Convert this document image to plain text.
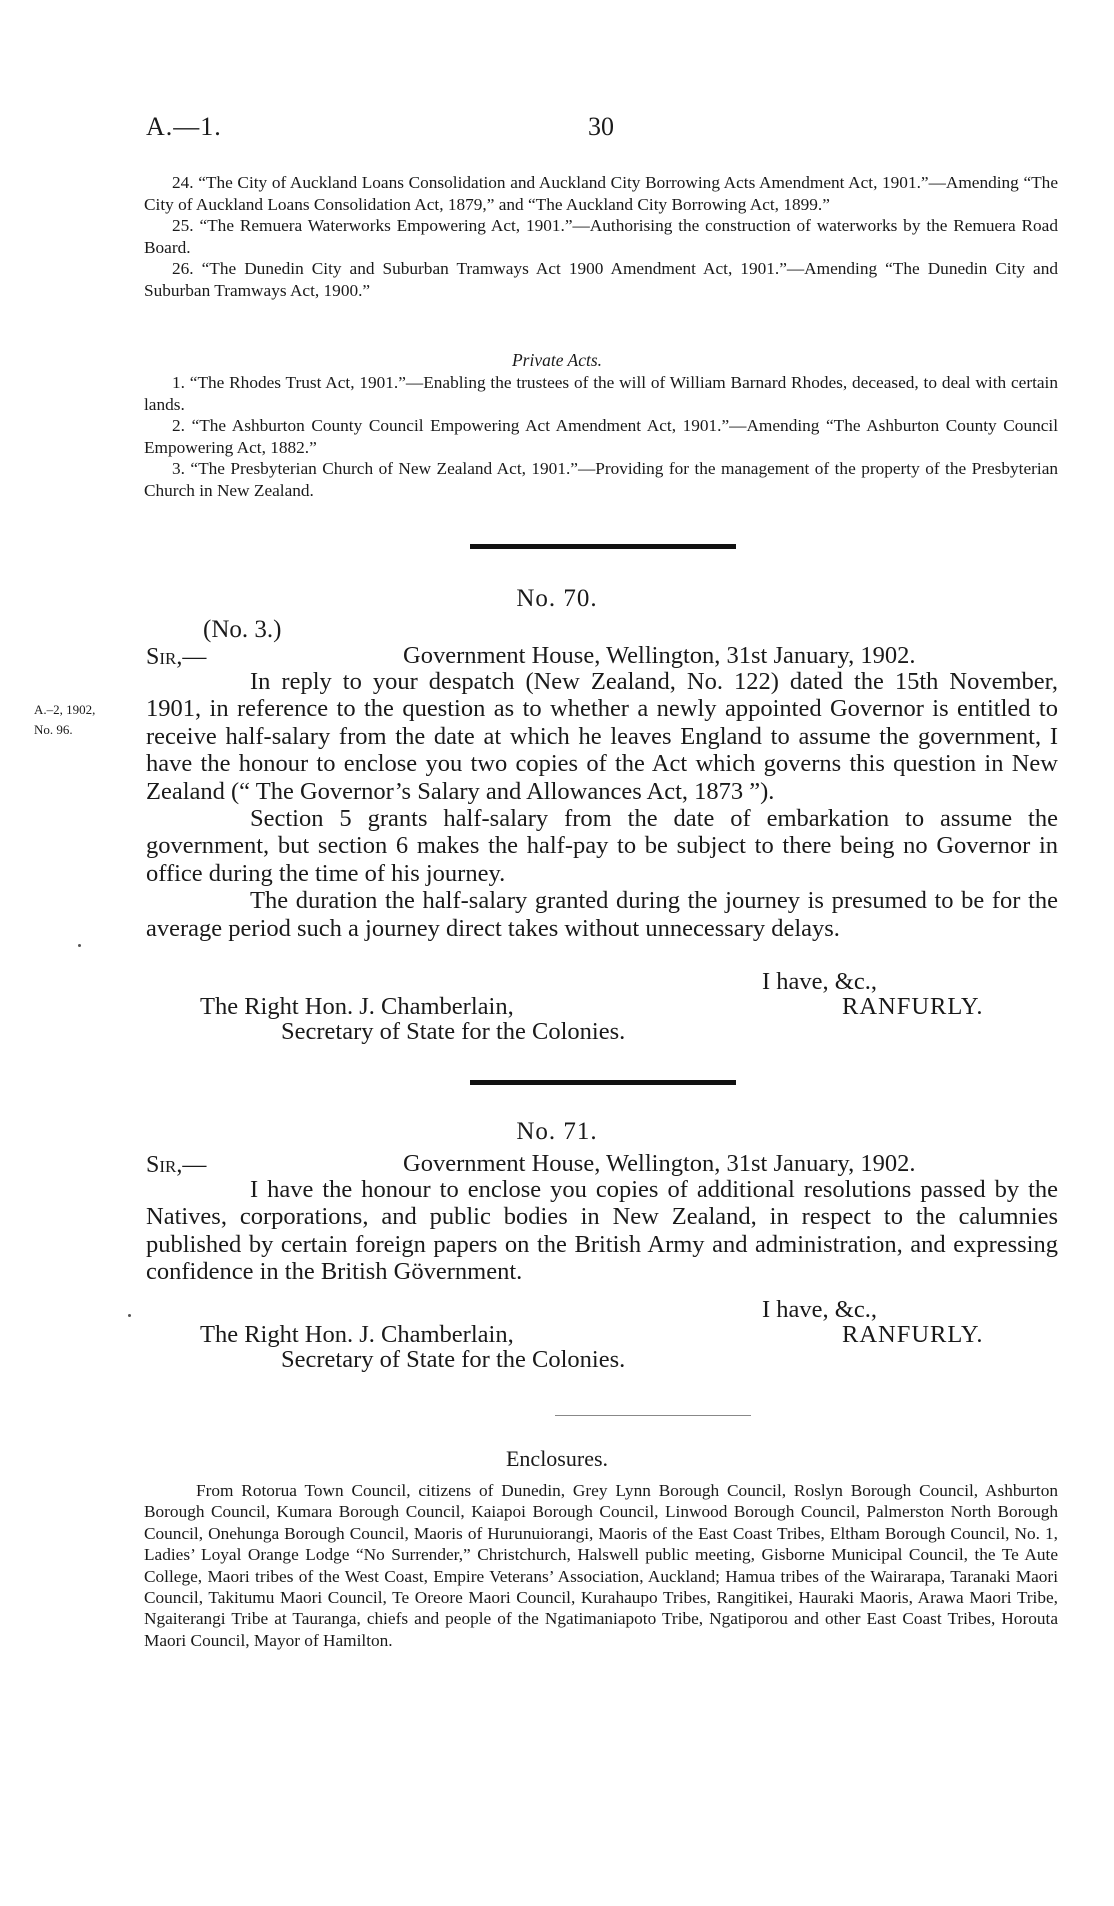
A.—1.	30

24. “The City of Auckland Loans Consolidation and Auckland City Borrowing Acts Amendment Act, 1901.”—Amending “The City of Auckland Loans Consolidation Act, 1879,” and “The Auckland City Borrowing Act, 1899.”

25. “The Remuera Waterworks Empowering Act, 1901.”—Authorising the construction of waterworks by the Remuera Road Board.

26. “The Dunedin City and Suburban Tramways Act 1900 Amendment Act, 1901.”—Amending “The Dunedin City and Suburban Tramways Act, 1900.”

Private Acts.

1. “The Rhodes Trust Act, 1901.”—Enabling the trustees of the will of William Barnard Rhodes, deceased, to deal with certain lands.

2. “The Ashburton County Council Empowering Act Amendment Act, 1901.”—Amending “The Ashburton County Council Empowering Act, 1882.”

3. “The Presbyterian Church of New Zealand Act, 1901.”—Providing for the management of the property of the Presbyterian Church in New Zealand.

No. 70.
(No. 3.)
Sir,—	Government House, Wellington, 31st January, 1902.
A.–2, 1902,
No. 96.

In reply to your despatch (New Zealand, No. 122) dated the 15th November, 1901, in reference to the question as to whether a newly appointed Governor is entitled to receive half-salary from the date at which he leaves England to assume the government, I have the honour to enclose you two copies of the Act which governs this question in New Zealand (“ The Governor’s Salary and Allowances Act, 1873 ”).

Section 5 grants half-salary from the date of embarkation to assume the government, but section 6 makes the half-pay to be subject to there being no Governor in office during the time of his journey.

The duration the half-salary granted during the journey is presumed to be for the average period such a journey direct takes without unnecessary delays.

I have, &c.,
The Right Hon. J. Chamberlain,	RANFURLY.
Secretary of State for the Colonies.
No. 71.
Sir,—	Government House, Wellington, 31st January, 1902.

I have the honour to enclose you copies of additional resolutions passed by the Natives, corporations, and public bodies in New Zealand, in respect to the calumnies published by certain foreign papers on the British Army and administration, and expressing confidence in the British Gövernment.

I have, &c.,
The Right Hon. J. Chamberlain,	RANFURLY.
Secretary of State for the Colonies.
Enclosures.

From Rotorua Town Council, citizens of Dunedin, Grey Lynn Borough Council, Roslyn Borough Council, Ashburton Borough Council, Kumara Borough Council, Kaiapoi Borough Council, Linwood Borough Council, Palmerston North Borough Council, Onehunga Borough Council, Maoris of Hurunuiorangi, Maoris of the East Coast Tribes, Eltham Borough Council, No. 1, Ladies’ Loyal Orange Lodge “No Surrender,” Christchurch, Halswell public meeting, Gisborne Municipal Council, the Te Aute College, Maori tribes of the West Coast, Empire Veterans’ Association, Auckland; Hamua tribes of the Wairarapa, Taranaki Maori Council, Takitumu Maori Council, Te Oreore Maori Council, Kurahaupo Tribes, Rangitikei, Hauraki Maoris, Arawa Maori Tribe, Ngaiterangi Tribe at Tauranga, chiefs and people of the Ngatimaniapoto Tribe, Ngatiporou and other East Coast Tribes, Horouta Maori Council, Mayor of Hamilton.
